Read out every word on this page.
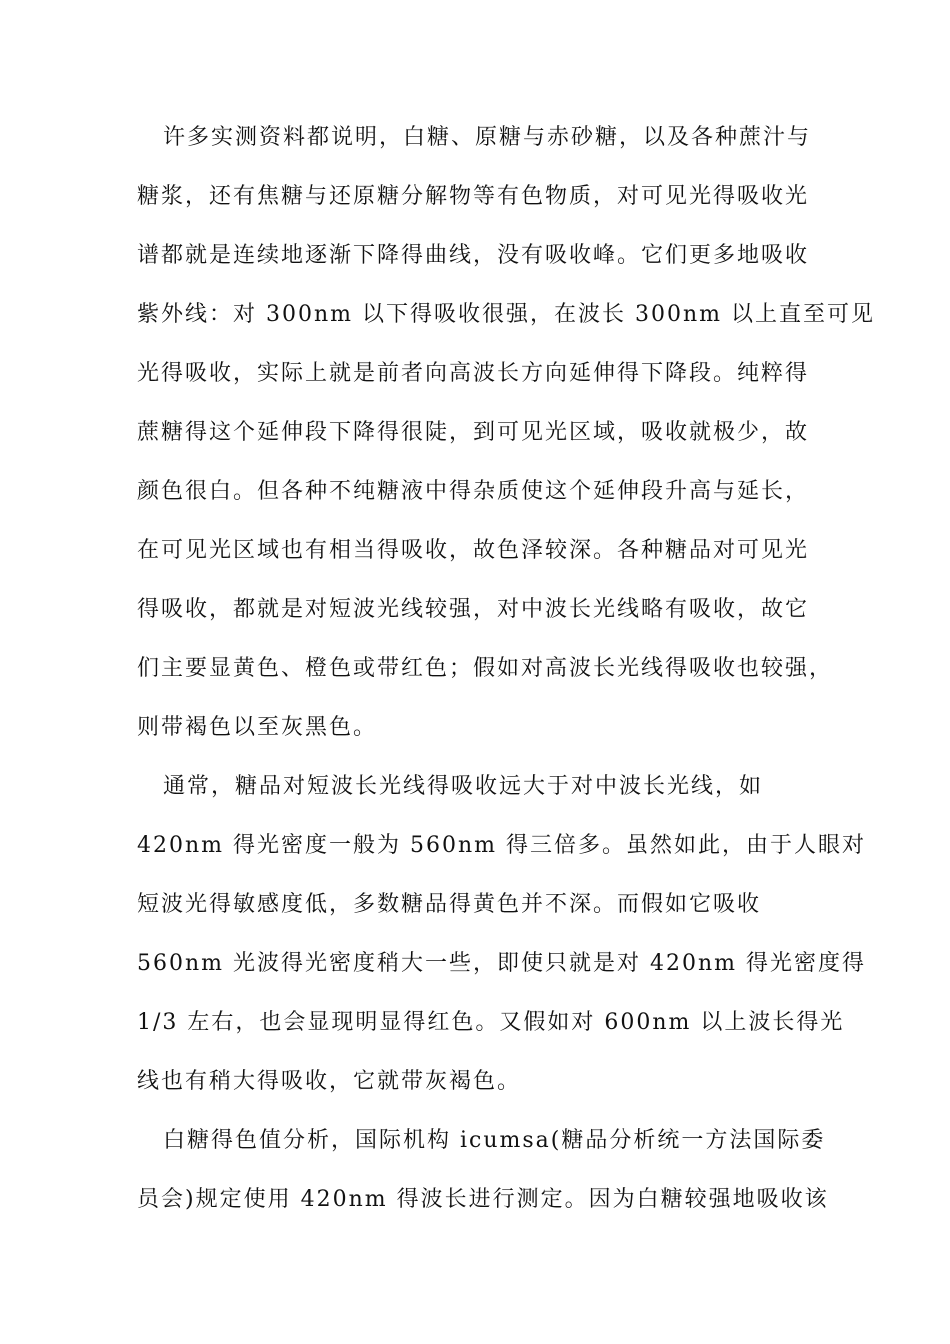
许多实测资料都说明，白糖、原糖与赤砂糖，以及各种蔗汁与
糖浆，还有焦糖与还原糖分解物等有色物质，对可见光得吸收光
谱都就是连续地逐渐下降得曲线，没有吸收峰。它们更多地吸收
紫外线：对 300nm 以下得吸收很强，在波长 300nm 以上直至可见
光得吸收，实际上就是前者向高波长方向延伸得下降段。纯粹得
蔗糖得这个延伸段下降得很陡，到可见光区域，吸收就极少，故
颜色很白。但各种不纯糖液中得杂质使这个延伸段升高与延长，
在可见光区域也有相当得吸收，故色泽较深。各种糖品对可见光
得吸收，都就是对短波光线较强，对中波长光线略有吸收，故它
们主要显黄色、橙色或带红色；假如对高波长光线得吸收也较强，
则带褐色以至灰黑色。
通常，糖品对短波长光线得吸收远大于对中波长光线，如
420nm 得光密度一般为 560nm 得三倍多。虽然如此，由于人眼对
短波光得敏感度低，多数糖品得黄色并不深。而假如它吸收
560nm 光波得光密度稍大一些，即使只就是对 420nm 得光密度得
1/3 左右，也会显现明显得红色。又假如对 600nm 以上波长得光
线也有稍大得吸收，它就带灰褐色。
白糖得色值分析，国际机构 icumsa(糖品分析统一方法国际委
员会)规定使用 420nm 得波长进行测定。因为白糖较强地吸收该
